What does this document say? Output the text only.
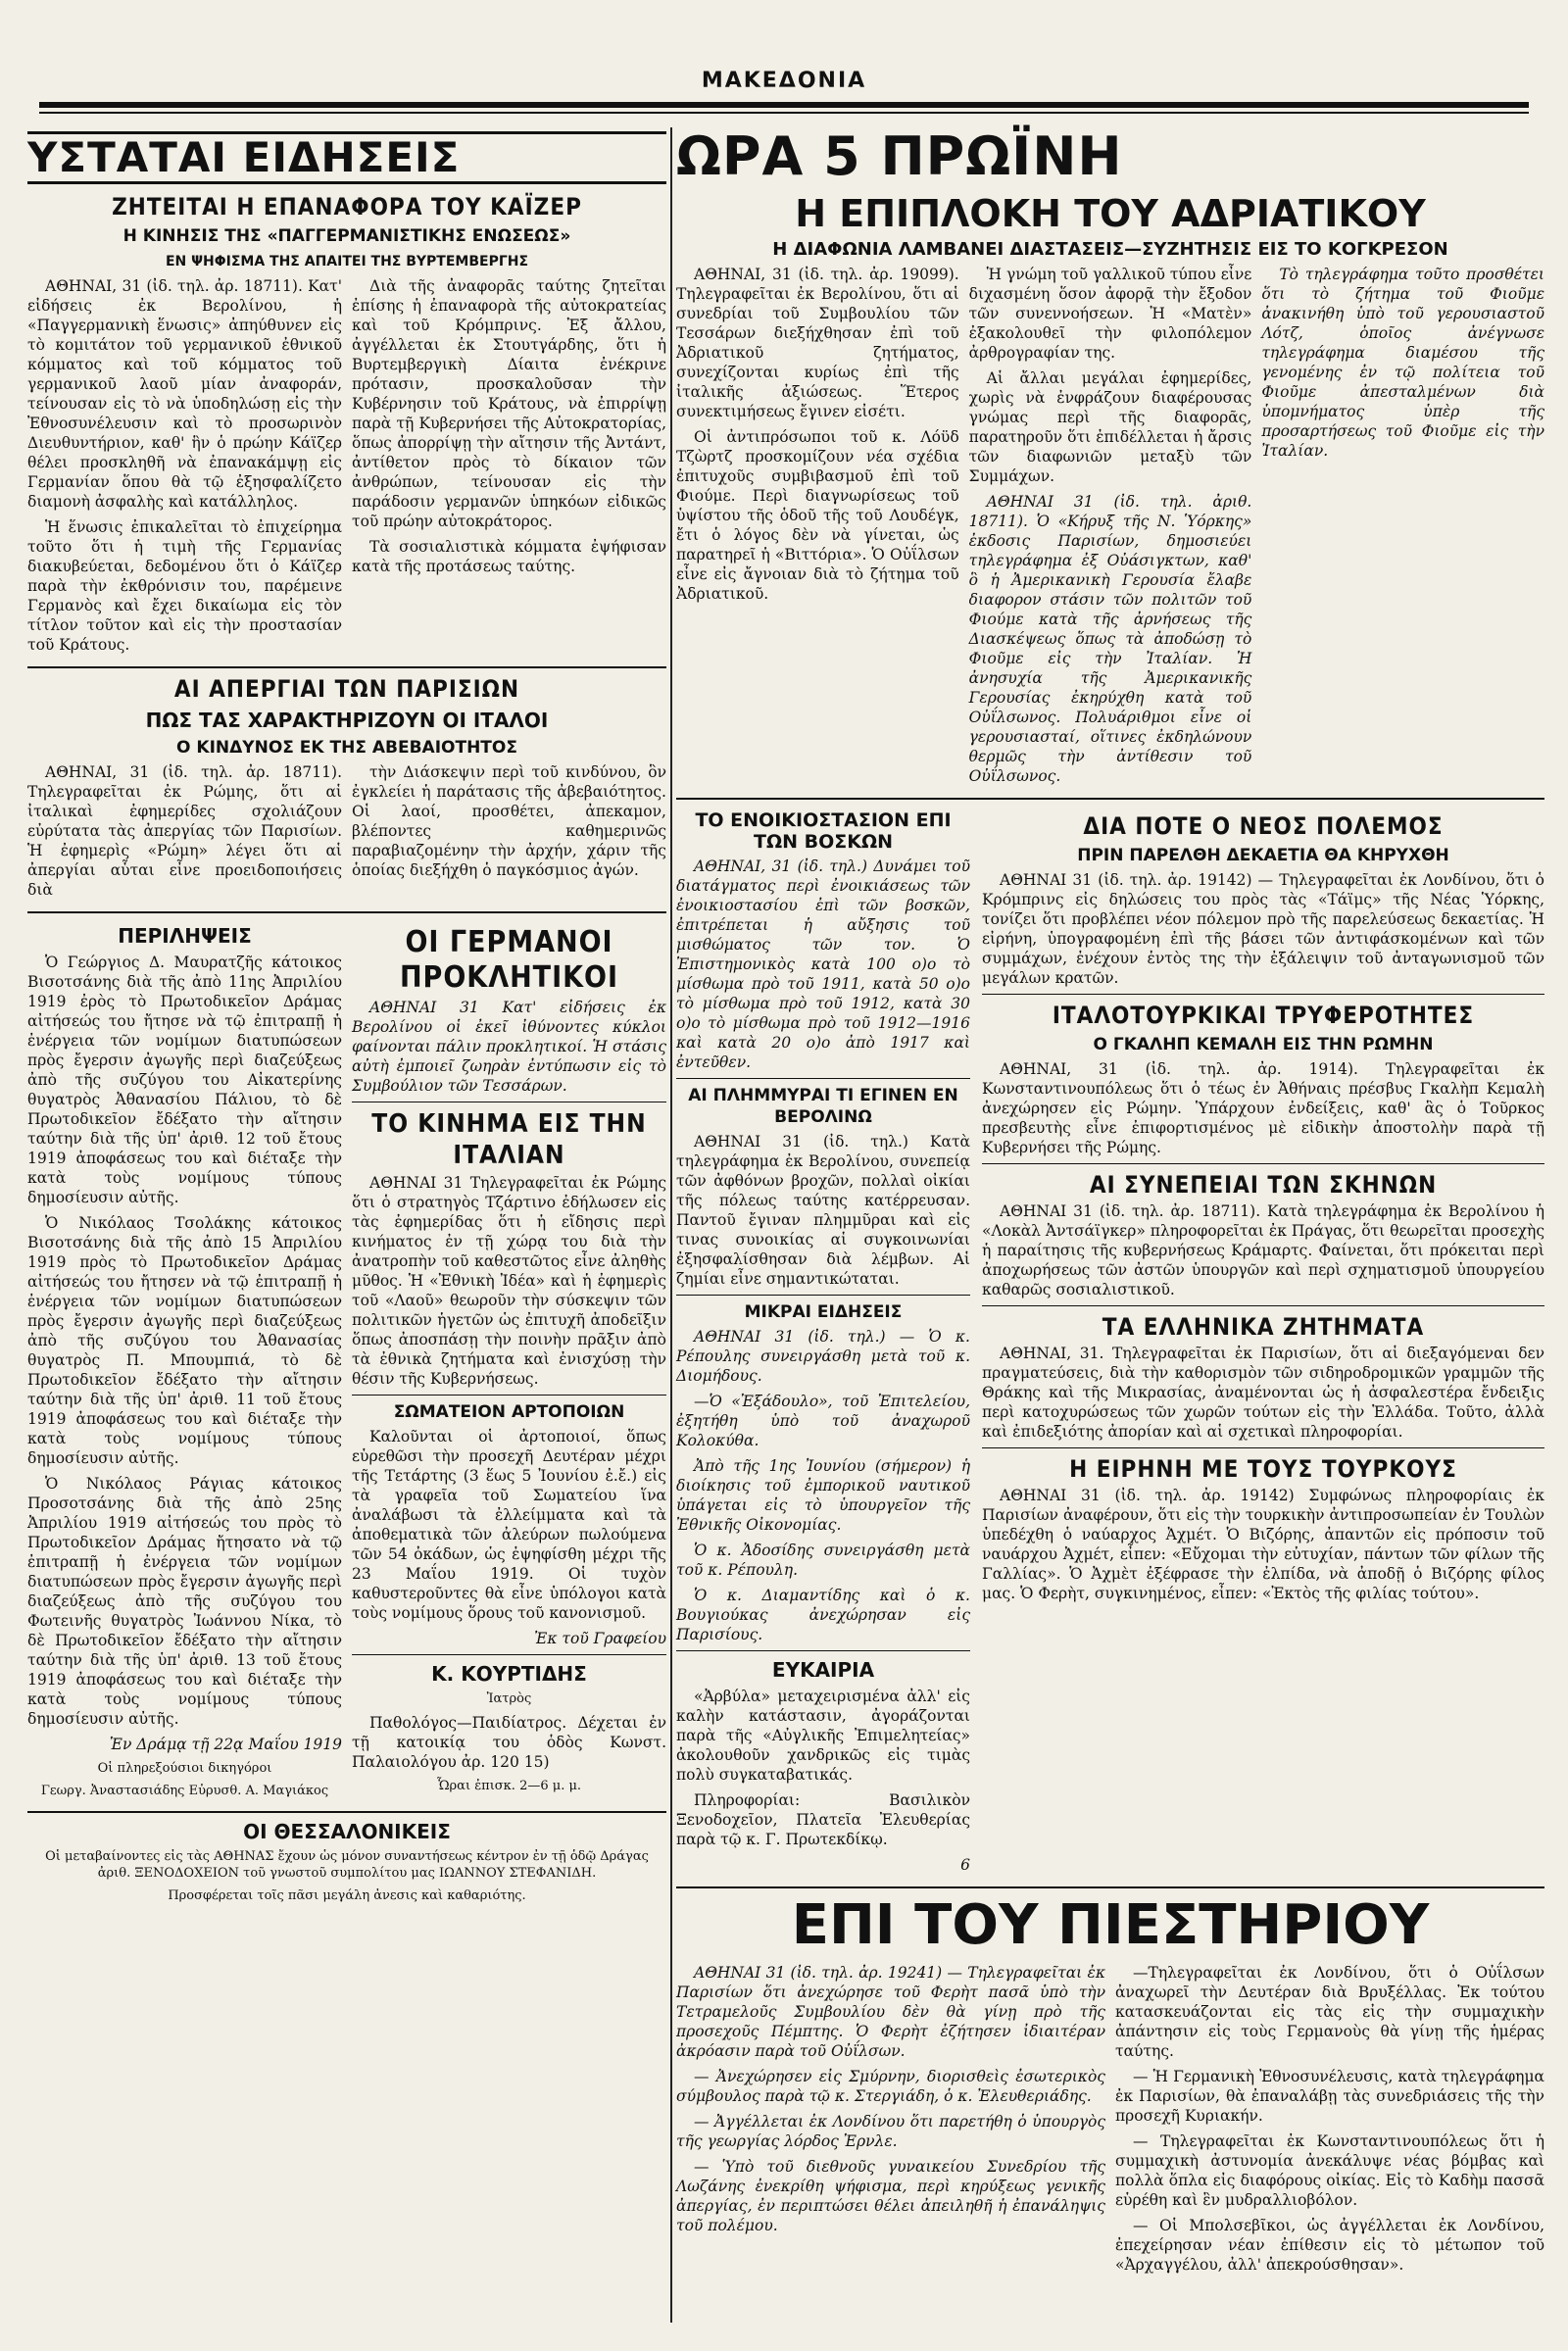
ΜΑΚΕΔΟΝΙΑ
ΥΣΤΑΤΑΙ ΕΙΔΗΣΕΙΣ
ΖΗΤΕΙΤΑΙ Η ΕΠΑΝΑΦΟΡΑ ΤΟΥ ΚΑΪΖΕΡ
Η ΚΙΝΗΣΙΣ ΤΗΣ «ΠΑΓΓΕΡΜΑΝΙΣΤΙΚΗΣ ΕΝΩΣΕΩΣ»
ΕΝ ΨΗΦΙΣΜΑ ΤΗΣ ΑΠΑΙΤΕΙ ΤΗΣ ΒΥΡΤΕΜΒΕΡΓΗΣ

ΑΘΗΝΑΙ, 31 (ἰδ. τηλ. ἀρ. 18711). Κατ' εἰδήσεις ἐκ Βερολίνου, ἡ «Παγγερμανικὴ ἕνωσις» ἀπηύθυνεν εἰς τὸ κομιτάτον τοῦ γερμανικοῦ ἐθνικοῦ κόμματος καὶ τοῦ κόμματος τοῦ γερμανικοῦ λαοῦ μίαν ἀναφοράν, τείνουσαν εἰς τὸ νὰ ὑποδηλώσῃ εἰς τὴν Ἐθνοσυνέλευσιν καὶ τὸ προσωρινὸν Διευθυντήριον, καθ' ἣν ὁ πρώην Κάϊζερ θέλει προσκληθῆ νὰ ἐπανακάμψῃ εἰς Γερμανίαν ὅπου θὰ τῷ ἐξησφαλίζετο διαμονὴ ἀσφαλὴς καὶ κατάλληλος.

Ἡ ἕνωσις ἐπικαλεῖται τὸ ἐπιχείρημα τοῦτο ὅτι ἡ τιμὴ τῆς Γερμανίας διακυβεύεται, δεδομένου ὅτι ὁ Κάϊζερ παρὰ τὴν ἐκθρόνισιν του, παρέμεινε Γερμανὸς καὶ ἔχει δικαίωμα εἰς τὸν τίτλον τοῦτον καὶ εἰς τὴν προστασίαν τοῦ Κράτους.

Διὰ τῆς ἀναφορᾶς ταύτης ζητεῖται ἐπίσης ἡ ἐπαναφορὰ τῆς αὐτοκρατείας καὶ τοῦ Κρόμπρινς. Ἐξ ἄλλου, ἀγγέλλεται ἐκ Στουτγάρδης, ὅτι ἡ Βυρτεμβεργικὴ Δίαιτα ἐνέκρινε πρότασιν, προσκαλοῦσαν τὴν Κυβέρνησιν τοῦ Κράτους, νὰ ἐπιρρίψῃ παρὰ τῇ Κυβερνήσει τῆς Αὐτοκρατορίας, ὅπως ἀπορρίψῃ τὴν αἴτησιν τῆς Ἀντάντ, ἀντίθετον πρὸς τὸ δίκαιον τῶν ἀνθρώπων, τείνουσαν εἰς τὴν παράδοσιν γερμανῶν ὑπηκόων εἰδικῶς τοῦ πρώην αὐτοκράτορος.

Τὰ σοσιαλιστικὰ κόμματα ἐψήφισαν κατὰ τῆς προτάσεως ταύτης.

ΑΙ ΑΠΕΡΓΙΑΙ ΤΩΝ ΠΑΡΙΣΙΩΝ
ΠΩΣ ΤΑΣ ΧΑΡΑΚΤΗΡΙΖΟΥΝ ΟΙ ΙΤΑΛΟΙ
Ο ΚΙΝΔΥΝΟΣ ΕΚ ΤΗΣ ΑΒΕΒΑΙΟΤΗΤΟΣ

ΑΘΗΝΑΙ, 31 (ἰδ. τηλ. ἀρ. 18711). Τηλεγραφεῖται ἐκ Ρώμης, ὅτι αἱ ἰταλικαὶ ἐφημερίδες σχολιάζουν εὐρύτατα τὰς ἀπεργίας τῶν Παρισίων. Ἡ ἐφημερὶς «Ρώμη» λέγει ὅτι αἱ ἀπεργίαι αὗται εἶνε προειδοποιήσεις διὰ

τὴν Διάσκεψιν περὶ τοῦ κινδύνου, ὃν ἐγκλείει ἡ παράτασις τῆς ἀβεβαιότητος. Οἱ λαοί, προσθέτει, ἀπεκαμον, βλέποντες καθημερινῶς παραβιαζομένην τὴν ἀρχήν, χάριν τῆς ὁποίας διεξήχθη ὁ παγκόσμιος ἀγών.

ΠΕΡΙΛΗΨΕΙΣ

Ὁ Γεώργιος Δ. Μαυρατζῆς κάτοικος Βισοτσάνης διὰ τῆς ἀπὸ 11ης Ἀπριλίου 1919 ἐρὸς τὸ Πρωτοδικεῖον Δράμας αἰτήσεώς του ἤτησε νὰ τῷ ἐπιτραπῇ ἡ ἐνέργεια τῶν νομίμων διατυπώσεων πρὸς ἔγερσιν ἀγωγῆς περὶ διαζεύξεως ἀπὸ τῆς συζύγου του Αἰκατερίνης θυγατρὸς Ἀθανασίου Πάλιου, τὸ δὲ Πρωτοδικεῖον ἔδέξατο τὴν αἴτησιν ταύτην διὰ τῆς ὑπ' ἀριθ. 12 τοῦ ἔτους 1919 ἀποφάσεως του καὶ διέταξε τὴν κατὰ τοὺς νομίμους τύπους δημοσίευσιν αὐτῆς.

Ὁ Νικόλαος Τσολάκης κάτοικος Βισοτσάνης διὰ τῆς ἀπὸ 15 Ἀπριλίου 1919 πρὸς τὸ Πρωτοδικεῖον Δράμας αἰτήσεώς του ἤτησεν νὰ τῷ ἐπιτραπῇ ἡ ἐνέργεια τῶν νομίμων διατυπώσεων πρὸς ἔγερσιν ἀγωγῆς περὶ διαζεύξεως ἀπὸ τῆς συζύγου του Ἀθανασίας θυγατρὸς Π. Μπουμπιά, τὸ δὲ Πρωτοδικεῖον ἔδέξατο τὴν αἴτησιν ταύτην διὰ τῆς ὑπ' ἀριθ. 11 τοῦ ἔτους 1919 ἀποφάσεως του καὶ διέταξε τὴν κατὰ τοὺς νομίμους τύπους δημοσίευσιν αὐτῆς.

Ὁ Νικόλαος Ράγιας κάτοικος Προσοτσάνης διὰ τῆς ἀπὸ 25ης Ἀπριλίου 1919 αἰτήσεώς του πρὸς τὸ Πρωτοδικεῖον Δράμας ἤτησατο νὰ τῷ ἐπιτραπῇ ἡ ἐνέργεια τῶν νομίμων διατυπώσεων πρὸς ἔγερσιν ἀγωγῆς περὶ διαζεύξεως ἀπὸ τῆς συζύγου του Φωτεινῆς θυγατρὸς Ἰωάννου Νίκα, τὸ δὲ Πρωτοδικεῖον ἔδέξατο τὴν αἴτησιν ταύτην διὰ τῆς ὑπ' ἀριθ. 13 τοῦ ἔτους 1919 ἀποφάσεως του καὶ διέταξε τὴν κατὰ τοὺς νομίμους τύπους δημοσίευσιν αὐτῆς.

Ἐν Δράμᾳ τῇ 22ᾳ Μαΐου 1919

Οἱ πληρεξούσιοι δικηγόροι

Γεωργ. Ἀναστασιάδης Εὐρυσθ. Α. Μαγιάκος

ΟΙ ΓΕΡΜΑΝΟΙ ΠΡΟΚΛΗΤΙΚΟΙ

ΑΘΗΝΑΙ 31 Κατ' εἰδήσεις ἐκ Βερολίνου οἱ ἐκεῖ ἰθύνοντες κύκλοι φαίνονται πάλιν προκλητικοί. Ἡ στάσις αὐτὴ ἐμποιεῖ ζωηρὰν ἐντύπωσιν εἰς τὸ Συμβούλιον τῶν Τεσσάρων.

ΤΟ ΚΙΝΗΜΑ ΕΙΣ ΤΗΝ ΙΤΑΛΙΑΝ

ΑΘΗΝΑΙ 31 Τηλεγραφεῖται ἐκ Ρώμης ὅτι ὁ στρατηγὸς Τζάρτινο ἐδήλωσεν εἰς τὰς ἐφημερίδας ὅτι ἡ εἴδησις περὶ κινήματος ἐν τῇ χώρᾳ του διὰ τὴν ἀνατροπὴν τοῦ καθεστῶτος εἶνε ἀληθὴς μῦθος. Ἡ «Ἐθνικὴ Ἰδέα» καὶ ἡ ἐφημερὶς τοῦ «Λαοῦ» θεωροῦν τὴν σύσκεψιν τῶν πολιτικῶν ἡγετῶν ὡς ἐπιτυχῆ ἀποδεῖξιν ὅπως ἀποσπάσῃ τὴν ποινὴν πρᾶξιν ἀπὸ τὰ ἐθνικὰ ζητήματα καὶ ἐνισχύσῃ τὴν θέσιν τῆς Κυβερνήσεως.

ΣΩΜΑΤΕΙΟΝ ΑΡΤΟΠΟΙΩΝ

Καλοῦνται οἱ ἀρτοποιοί, ὅπως εὑρεθῶσι τὴν προσεχῆ Δευτέραν μέχρι τῆς Τετάρτης (3 ἕως 5 Ἰουνίου ἐ.ἔ.) εἰς τὰ γραφεῖα τοῦ Σωματείου ἵνα ἀναλάβωσι τὰ ἐλλείμματα καὶ τὰ ἀποθεματικὰ τῶν ἀλεύρων πωλούμενα τῶν 54 ὀκάδων, ὡς ἐψηφίσθη μέχρι τῆς 23 Μαΐου 1919. Οἱ τυχὸν καθυστεροῦντες θὰ εἶνε ὑπόλογοι κατὰ τοὺς νομίμους ὅρους τοῦ κανονισμοῦ.

Ἐκ τοῦ Γραφείου

Κ. ΚΟΥΡΤΙΔΗΣ

Ἰατρὸς

Παθολόγος—Παιδίατρος. Δέχεται ἐν τῇ κατοικίᾳ του ὁδὸς Κωνστ. Παλαιολόγου ἀρ. 120 15)

Ὧραι ἐπισκ. 2—6 μ. μ.

ΟΙ ΘΕΣΣΑΛΟΝΙΚΕΙΣ

Οἱ μεταβαίνοντες εἰς τὰς ΑΘΗΝΑΣ ἔχουν ὡς μόνον συναντήσεως κέντρον ἐν τῇ ὁδῷ Δράγας ἀριθ. ΞΕΝΟΔΟΧΕΙΟΝ τοῦ γνωστοῦ συμπολίτου μας ΙΩΑΝΝΟΥ ΣΤΕΦΑΝΙΔΗ.

Προσφέρεται τοῖς πᾶσι μεγάλη ἀνεσις καὶ καθαριότης.

ΩΡΑ 5 ΠΡΩΪΝΗ
Η ΕΠΙΠΛΟΚΗ ΤΟΥ ΑΔΡΙΑΤΙΚΟΥ
Η ΔΙΑΦΩΝΙΑ ΛΑΜΒΑΝΕΙ ΔΙΑΣΤΑΣΕΙΣ—ΣΥΖΗΤΗΣΙΣ ΕΙΣ ΤΟ ΚΟΓΚΡΕΣΟΝ

ΑΘΗΝΑΙ, 31 (ἰδ. τηλ. ἀρ. 19099). Τηλεγραφεῖται ἐκ Βερολίνου, ὅτι αἱ συνεδρίαι τοῦ Συμβουλίου τῶν Τεσσάρων διεξήχθησαν ἐπὶ τοῦ Ἀδριατικοῦ ζητήματος, συνεχίζονται κυρίως ἐπὶ τῆς ἰταλικῆς ἀξιώσεως. Ἕτερος συνεκτιμήσεως ἔγινεν εἰσέτι.

Οἱ ἀντιπρόσωποι τοῦ κ. Λόϋδ Τζὼρτζ προσκομίζουν νέα σχέδια ἐπιτυχοῦς συμβιβασμοῦ ἐπὶ τοῦ Φιούμε. Περὶ διαγνωρίσεως τοῦ ὑψίστου τῆς ὁδοῦ τῆς τοῦ Λουδέγκ, ἔτι ὁ λόγος δὲν νὰ γίνεται, ὡς παρατηρεῖ ἡ «Βιττόρια». Ὁ Οὐΐλσων εἶνε εἰς ἄγνοιαν διὰ τὸ ζήτημα τοῦ Ἀδριατικοῦ.

Ἡ γνώμη τοῦ γαλλικοῦ τύπου εἶνε διχασμένη ὅσον ἀφορᾷ τὴν ἔξοδον τῶν συνεννοήσεων. Ἡ «Ματὲν» ἐξακολουθεῖ τὴν φιλοπόλεμον ἀρθρογραφίαν της.

Αἱ ἄλλαι μεγάλαι ἐφημερίδες, χωρὶς νὰ ἐνφράζουν διαφέρουσας γνώμας περὶ τῆς διαφορᾶς, παρατηροῦν ὅτι ἐπιδέλλεται ἡ ἄρσις τῶν διαφωνιῶν μεταξὺ τῶν Συμμάχων.

ΑΘΗΝΑΙ 31 (ἰδ. τηλ. ἀριθ. 18711). Ὁ «Κήρυξ τῆς Ν. Ὑόρκης» ἐκδοσις Παρισίων, δημοσιεύει τηλεγράφημα ἐξ Οὐάσιγκτων, καθ' ὃ ἡ Ἀμερικανικὴ Γερουσία ἔλαβε διαφορον στάσιν τῶν πολιτῶν τοῦ Φιούμε κατὰ τῆς ἀρνήσεως τῆς Διασκέψεως ὅπως τὰ ἀποδώσῃ τὸ Φιοῦμε εἰς τὴν Ἰταλίαν. Ἡ ἀνησυχία τῆς Ἀμερικανικῆς Γερουσίας ἐκηρύχθη κατὰ τοῦ Οὐΐλσωνος. Πολυάριθμοι εἶνε οἱ γερουσιασταί, οἵτινες ἐκδηλώνουν θερμῶς τὴν ἀντίθεσιν τοῦ Οὐΐλσωνος.

Τὸ τηλεγράφημα τοῦτο προσθέτει ὅτι τὸ ζήτημα τοῦ Φιοῦμε ἀνακινήθη ὑπὸ τοῦ γερουσιαστοῦ Λότζ, ὁποῖος ἀνέγνωσε τηλεγράφημα διαμέσου τῆς γενομένης ἐν τῷ πολίτεια τοῦ Φιοῦμε ἀπεσταλμένων διὰ ὑπομνήματος ὑπὲρ τῆς προσαρτήσεως τοῦ Φιοῦμε εἰς τὴν Ἰταλίαν.

ΤΟ ΕΝΟΙΚΙΟΣΤΑΣΙΟΝ ΕΠΙ ΤΩΝ ΒΟΣΚΩΝ

ΑΘΗΝΑΙ, 31 (ἰδ. τηλ.) Δυνάμει τοῦ διατάγματος περὶ ἐνοικιάσεως τῶν ἐνοικιοστασίου ἐπὶ τῶν βοσκῶν, ἐπιτρέπεται ἡ αὔξησις τοῦ μισθώματος τῶν τον. Ὁ Ἐπιστημονικὸς κατὰ 100 ο)ο τὸ μίσθωμα πρὸ τοῦ 1911, κατὰ 50 ο)ο τὸ μίσθωμα πρὸ τοῦ 1912, κατὰ 30 ο)ο τὸ μίσθωμα πρὸ τοῦ 1912—1916 καὶ κατὰ 20 ο)ο ἀπὸ 1917 καὶ ἐντεῦθεν.

ΑΙ ΠΛΗΜΜΥΡΑΙ ΤΙ ΕΓΙΝΕΝ ΕΝ ΒΕΡΟΛΙΝΩ

ΑΘΗΝΑΙ 31 (ἰδ. τηλ.) Κατὰ τηλεγράφημα ἐκ Βερολίνου, συνεπείᾳ τῶν ἀφθόνων βροχῶν, πολλαὶ οἰκίαι τῆς πόλεως ταύτης κατέρρευσαν. Παντοῦ ἔγιναν πλημμῦραι καὶ εἰς τινας συνοικίας αἱ συγκοινωνίαι ἐξησφαλίσθησαν διὰ λέμβων. Αἱ ζημίαι εἶνε σημαντικώταται.

ΜΙΚΡΑΙ ΕΙΔΗΣΕΙΣ

ΑΘΗΝΑΙ 31 (ἰδ. τηλ.) — Ὁ κ. Ρέπουλης συνειργάσθη μετὰ τοῦ κ. Διομήδους.

—Ὁ «Ἐξάδουλο», τοῦ Ἐπιτελείου, ἐξητήθη ὑπὸ τοῦ ἀναχωροῦ Κολοκύθα.

Ἀπὸ τῆς 1ης Ἰουνίου (σήμερον) ἡ διοίκησις τοῦ ἐμπορικοῦ ναυτικοῦ ὑπάγεται εἰς τὸ ὑπουργεῖον τῆς Ἐθνικῆς Οἰκονομίας.

Ὁ κ. Ἀδοσίδης συνειργάσθη μετὰ τοῦ κ. Ρέπουλη.

Ὁ κ. Διαμαντίδης καὶ ὁ κ. Βουγιούκας ἀνεχώρησαν εἰς Παρισίους.

ΕΥΚΑΙΡΙΑ

«Ἀρβύλα» μεταχειρισμένα ἀλλ' εἰς καλὴν κατάστασιν, ἀγοράζονται παρὰ τῆς «Αὐγλικῆς Ἐπιμελητείας» ἀκολουθοῦν χανδρικῶς εἰς τιμὰς πολὺ συγκαταβατικάς.

Πληροφορίαι: Βασιλικὸν Ξενοδοχεῖον, Πλατεῖα Ἐλευθερίας παρὰ τῷ κ. Γ. Πρωτεκδίκῳ.

6

ΔΙΑ ΠΟΤΕ Ο ΝΕΟΣ ΠΟΛΕΜΟΣ
ΠΡΙΝ ΠΑΡΕΛΘΗ ΔΕΚΑΕΤΙΑ ΘΑ ΚΗΡΥΧΘΗ

ΑΘΗΝΑΙ 31 (ἰδ. τηλ. ἀρ. 19142) — Τηλεγραφεῖται ἐκ Λονδίνου, ὅτι ὁ Κρόμπρινς εἰς δηλώσεις του πρὸς τὰς «Τάϊμς» τῆς Νέας Ὑόρκης, τονίζει ὅτι προβλέπει νέον πόλεμον πρὸ τῆς παρελεύσεως δεκαετίας. Ἡ εἰρήνη, ὑπογραφομένη ἐπὶ τῆς βάσει τῶν ἀντιφάσκομένων καὶ τῶν συμμάχων, ἐνέχουν ἐντὸς της τὴν ἐξάλειψιν τοῦ ἀνταγωνισμοῦ τῶν μεγάλων κρατῶν.

ΙΤΑΛΟΤΟΥΡΚΙΚΑΙ ΤΡΥΦΕΡΟΤΗΤΕΣ
Ο ΓΚΑΛΗΠ ΚΕΜΑΛΗ ΕΙΣ ΤΗΝ ΡΩΜΗΝ

ΑΘΗΝΑΙ, 31 (ἰδ. τηλ. ἀρ. 1914). Τηλεγραφεῖται ἐκ Κωνσταντινουπόλεως ὅτι ὁ τέως ἐν Ἀθήναις πρέσβυς Γκαλὴπ Κεμαλὴ ἀνεχώρησεν εἰς Ρώμην. Ὑπάρχουν ἐνδείξεις, καθ' ἃς ὁ Τοῦρκος πρεσβευτὴς εἶνε ἐπιφορτισμένος μὲ εἰδικὴν ἀποστολὴν παρὰ τῇ Κυβερνήσει τῆς Ρώμης.

ΑΙ ΣΥΝΕΠΕΙΑΙ ΤΩΝ ΣΚΗΝΩΝ

ΑΘΗΝΑΙ 31 (ἰδ. τηλ. ἀρ. 18711). Κατὰ τηλεγράφημα ἐκ Βερολίνου ἡ «Λοκὰλ Ἀντσάϊγκερ» πληροφορεῖται ἐκ Πράγας, ὅτι θεωρεῖται προσεχὴς ἡ παραίτησις τῆς κυβερνήσεως Κράμαρτς. Φαίνεται, ὅτι πρόκειται περὶ ἀποχωρήσεως τῶν ἀστῶν ὑπουργῶν καὶ περὶ σχηματισμοῦ ὑπουργείου καθαρῶς σοσιαλιστικοῦ.

ΤΑ ΕΛΛΗΝΙΚΑ ΖΗΤΗΜΑΤΑ

ΑΘΗΝΑΙ, 31. Τηλεγραφεῖται ἐκ Παρισίων, ὅτι αἱ διεξαγόμεναι δεν πραγματεύσεις, διὰ τὴν καθορισμὸν τῶν σιδηροδρομικῶν γραμμῶν τῆς Θράκης καὶ τῆς Μικρασίας, ἀναμένονται ὡς ἡ ἀσφαλεστέρα ἔνδειξις περὶ κατοχυρώσεως τῶν χωρῶν τούτων εἰς τὴν Ἑλλάδα. Τοῦτο, ἀλλὰ καὶ ἐπιδεξιότης ἀπορίαν καὶ αἱ σχετικαὶ πληροφορίαι.

Η ΕΙΡΗΝΗ ΜΕ ΤΟΥΣ ΤΟΥΡΚΟΥΣ

ΑΘΗΝΑΙ 31 (ἰδ. τηλ. ἀρ. 19142) Συμφώνως πληροφορίαις ἐκ Παρισίων ἀναφέρουν, ὅτι εἰς τὴν τουρκικὴν ἀντιπροσωπείαν ἐν Τουλὼν ὑπεδέχθη ὁ ναύαρχος Ἀχμέτ. Ὁ Βιζόρης, ἀπαντῶν εἰς πρόποσιν τοῦ ναυάρχου Ἀχμέτ, εἶπεν: «Εὔχομαι τὴν εὐτυχίαν, πάντων τῶν φίλων τῆς Γαλλίας». Ὁ Ἀχμὲτ ἐξέφρασε τὴν ἐλπίδα, νὰ ἀποδῇ ὁ Βιζόρης φίλος μας. Ὁ Φερὴτ, συγκινημένος, εἶπεν: «Ἐκτὸς τῆς φιλίας τούτου».

ΕΠΙ ΤΟΥ ΠΙΕΣΤΗΡΙΟΥ

ΑΘΗΝΑΙ 31 (ἰδ. τηλ. ἀρ. 19241) — Τηλεγραφεῖται ἐκ Παρισίων ὅτι ἀνεχώρησε τοῦ Φερὴτ πασᾶ ὑπὸ τὴν Τετραμελοῦς Συμβουλίου δὲν θὰ γίνῃ πρὸ τῆς προσεχοῦς Πέμπτης. Ὁ Φερὴτ ἐζήτησεν ἰδιαιτέραν ἀκρόασιν παρὰ τοῦ Οὐΐλσων.

— Ἀνεχώρησεν εἰς Σμύρνην, διορισθεὶς ἐσωτερικὸς σύμβουλος παρὰ τῷ κ. Στεργιάδη, ὁ κ. Ἐλευθεριάδης.

— Ἀγγέλλεται ἐκ Λονδίνου ὅτι παρετήθη ὁ ὑπουργὸς τῆς γεωργίας λόρδος Ἐρνλε.

— Ὑπὸ τοῦ διεθνοῦς γυναικείου Συνεδρίου τῆς Λωζάνης ἐνεκρίθη ψήφισμα, περὶ κηρύξεως γενικῆς ἀπεργίας, ἐν περιπτώσει θέλει ἀπειληθῆ ἡ ἐπανάληψις τοῦ πολέμου.

—Τηλεγραφεῖται ἐκ Λονδίνου, ὅτι ὁ Οὐΐλσων ἀναχωρεῖ τὴν Δευτέραν διὰ Βρυξέλλας. Ἐκ τούτου κατασκευάζονται εἰς τὰς εἰς τὴν συμμαχικὴν ἀπάντησιν εἰς τοὺς Γερμανοὺς θὰ γίνῃ τῆς ἡμέρας ταύτης.

— Ἡ Γερμανικὴ Ἐθνοσυνέλευσις, κατὰ τηλεγράφημα ἐκ Παρισίων, θὰ ἐπαναλάβῃ τὰς συνεδριάσεις τῆς τὴν προσεχῆ Κυριακήν.

— Τηλεγραφεῖται ἐκ Κωνσταντινουπόλεως ὅτι ἡ συμμαχικὴ ἀστυνομία ἀνεκάλυψε νέας βόμβας καὶ πολλὰ ὅπλα εἰς διαφόρους οἰκίας. Εἰς τὸ Καδὴμ πασσᾶ εὑρέθη καὶ ἓν μυδραλλιοβόλον.

— Οἱ Μπολσεβῖκοι, ὡς ἀγγέλλεται ἐκ Λονδίνου, ἐπεχείρησαν νέαν ἐπίθεσιν εἰς τὸ μέτωπον τοῦ «Ἀρχαγγέλου, ἀλλ' ἀπεκρούσθησαν».
